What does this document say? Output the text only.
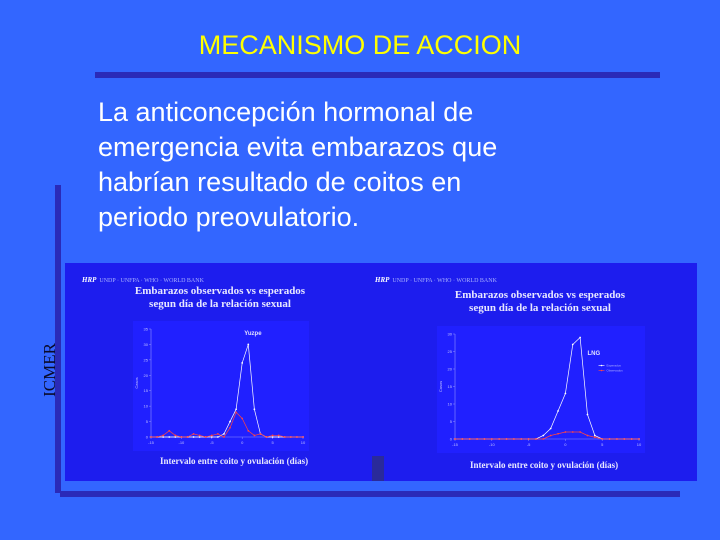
MECANISMO DE ACCION
ICMER
La anticoncepción hormonal de
emergencia evita embarazos que
habrían resultado de coitos en
periodo preovulatorio.
HRP UNDP · UNFPA · WHO · WORLD BANK
Embarazos observados vs esperados
segun día de la relación sexual
0
5
10
15
20
25
30
35
-15	-10	-5	0	5	10
Casos
Yuzpe
Intervalo entre coito y ovulación (días)
HRP UNDP · UNFPA · WHO · WORLD BANK
Embarazos observados vs esperados
segun día de la relación sexual
0
5
10
15
20
25
30
-15	-10	-5	0	5	10
Casos
LNG
Esperados
Observados
Intervalo entre coito y ovulación (días)
